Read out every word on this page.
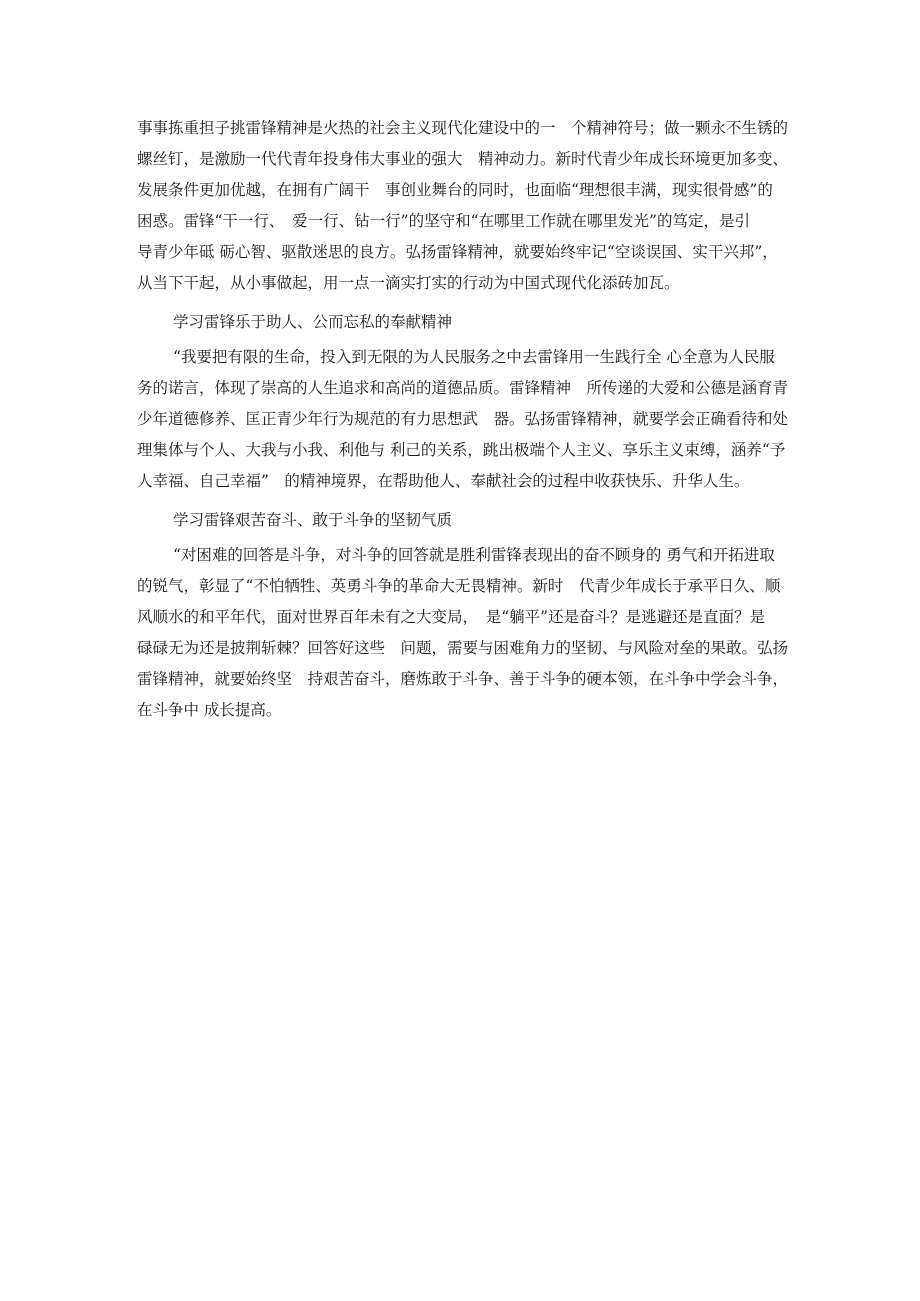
事事拣重担子挑雷锋精神是火热的社会主义现代化建设中的一　个精神符号；做一颗永不生锈的
螺丝钉，是激励一代代青年投身伟大事业的强大　精神动力。新时代青少年成长环境更加多变、
发展条件更加优越，在拥有广阔干　事创业舞台的同时，也面临“理想很丰满，现实很骨感”的
困惑。雷锋“干一行、　爱一行、钻一行”的坚守和“在哪里工作就在哪里发光”的笃定，是引
导青少年砥 砺心智、驱散迷思的良方。弘扬雷锋精神，就要始终牢记“空谈误国、实干兴邦”，
从当下干起，从小事做起，用一点一滴实打实的行动为中国式现代化添砖加瓦。
学习雷锋乐于助人、公而忘私的奉献精神
“我要把有限的生命，投入到无限的为人民服务之中去雷锋用一生践行全 心全意为人民服
务的诺言，体现了崇高的人生追求和高尚的道德品质。雷锋精神　所传递的大爱和公德是涵育青
少年道德修养、匡正青少年行为规范的有力思想武　器。弘扬雷锋精神，就要学会正确看待和处
理集体与个人、大我与小我、利他与 利己的关系，跳出极端个人主义、享乐主义束缚，涵养“予
人幸福、自己幸福”　的精神境界，在帮助他人、奉献社会的过程中收获快乐、升华人生。
学习雷锋艰苦奋斗、敢于斗争的坚韧气质
“对困难的回答是斗争，对斗争的回答就是胜利雷锋表现出的奋不顾身的 勇气和开拓进取
的锐气，彰显了“不怕牺牲、英勇斗争的革命大无畏精神。新时　代青少年成长于承平日久、顺
风顺水的和平年代，面对世界百年未有之大变局，　是“躺平”还是奋斗？是逃避还是直面？是
碌碌无为还是披荆斩棘？回答好这些　问题，需要与困难角力的坚韧、与风险对垒的果敢。弘扬
雷锋精神，就要始终坚　持艰苦奋斗，磨炼敢于斗争、善于斗争的硬本领，在斗争中学会斗争，
在斗争中 成长提高。
